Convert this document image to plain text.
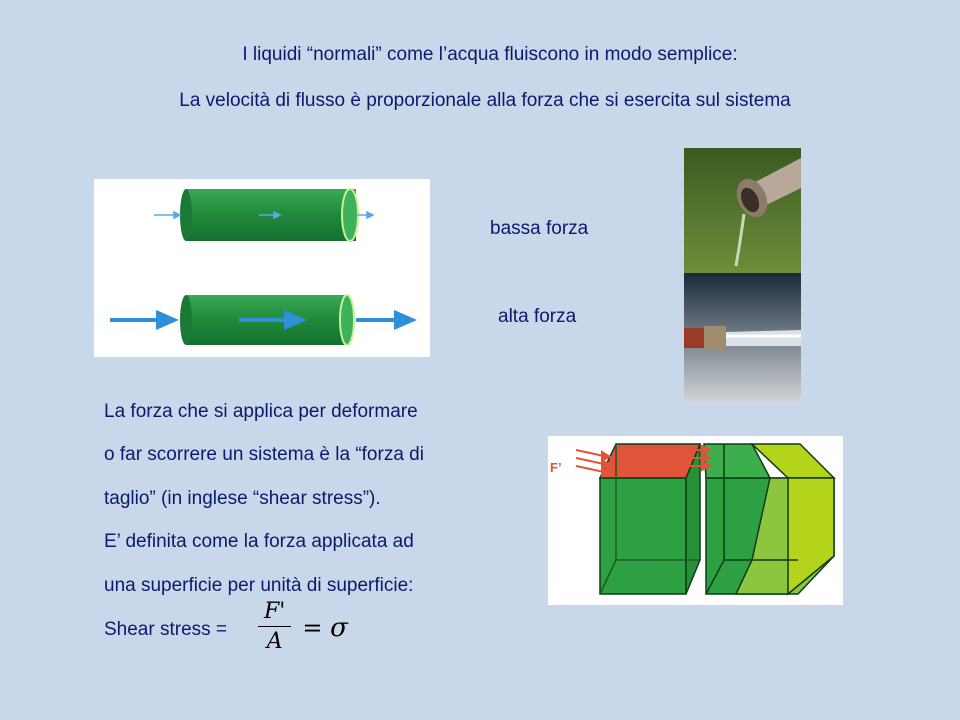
I liquidi “normali” come l’acqua fluiscono in modo semplice:
La velocità di flusso è proporzionale alla forza che si esercita sul sistema
bassa forza
alta forza
F’
La forza che si applica per deformare
o far scorrere un sistema è la “forza di
taglio” (in inglese “shear stress”).
E’ definita come la forza applicata ad
una superficie per unità di superficie:
Shear stress = $\frac{F'}{A} = \sigma$
